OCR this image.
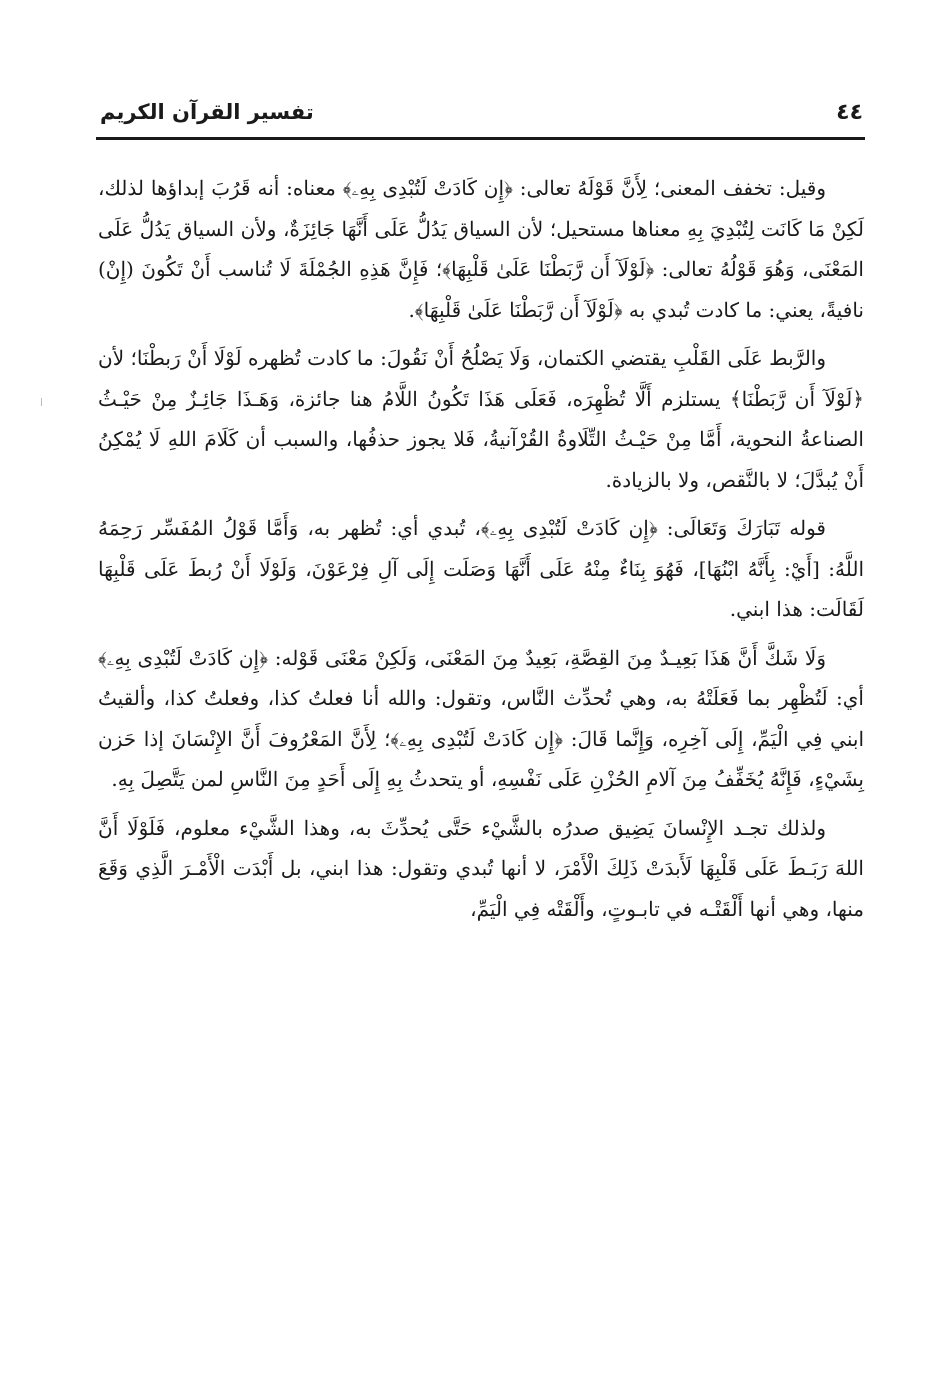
٤٤
تفسير القرآن الكريم

وقيل: تخفف المعنى؛ لِأَنَّ قَوْلَهُ تعالى: ﴿إِن كَادَتْ لَتُبْدِى بِهِۦ﴾ معناه: أنه قَرُبَ إبداؤها لذلك، لَكِنْ مَا كَانَت لِتُبْدِيَ بِهِ معناها مستحيل؛ لأن السياق يَدُلُّ عَلَى أَنَّهَا جَائِزَةٌ، ولأن السياق يَدُلُّ عَلَى المَعْنَى، وَهُوَ قَوْلُهُ تعالى: ﴿لَوْلَآ أَن رَّبَطْنَا عَلَىٰ قَلْبِهَا﴾؛ فَإِنَّ هَذِهِ الجُمْلَةَ لَا تُناسب أَنْ تَكُونَ (إِنْ) نافيةً، يعني: ما كادت تُبدي به ﴿لَوْلَآ أَن رَّبَطْنَا عَلَىٰ قَلْبِهَا﴾.

والرَّبط عَلَى القَلْبِ يقتضي الكتمان، وَلَا يَصْلُحُ أَنْ نَقُولَ: ما كادت تُظهره لَوْلَا أَنْ رَبطْنَا؛ لأن ﴿لَوْلَآ أَن رَّبَطْنَا﴾ يستلزم أَلَّا تُظْهِرَه، فَعَلَى هَذَا تَكُونُ اللَّامُ هنا جائزة، وَهَـذَا جَائِـزٌ مِنْ حَيْـثُ الصناعةُ النحوية، أَمَّا مِنْ حَيْـثُ التِّلَاوةُ القُرْآنيةُ، فَلا يجوز حذفُها، والسبب أن كَلَامَ اللهِ لَا يُمْكِنُ أَنْ يُبدَّلَ؛ لا بالنَّقص، ولا بالزيادة.

قوله تَبَارَكَ وَتَعَالَى: ﴿إِن كَادَتْ لَتُبْدِى بِهِۦ﴾، تُبدي أي: تُظهر به، وَأَمَّا قَوْلُ المُفَسِّر رَحِمَهُ اللَّهُ: [أَيْ: بِأَنَّهُ ابْنُهَا]، فَهُوَ بِنَاءٌ مِنْهُ عَلَى أَنَّهَا وَصَلَت إِلَى آلِ فِرْعَوْنَ، وَلَوْلَا أَنْ رُبطَ عَلَى قَلْبِهَا لَقَالَت: هذا ابني.

وَلَا شَكَّ أَنَّ هَذَا بَعِيـدٌ مِنَ القِصَّةِ، بَعِيدٌ مِنَ المَعْنَى، وَلَكِنْ مَعْنَى قَوْله: ﴿إِن كَادَتْ لَتُبْدِى بِهِۦ﴾ أي: لَتُظْهِر بما فَعَلَتْهُ به، وهي تُحدِّث النَّاس، وتقول: والله أنا فعلتُ كذا، وفعلتُ كذا، وألقيتُ ابني فِي الْيَمِّ، إِلَى آخِرِه، وَإِنَّما قَالَ: ﴿إِن كَادَتْ لَتُبْدِى بِهِۦ﴾؛ لِأَنَّ المَعْرُوفَ أَنَّ الإِنْسَانَ إذا حَزن بِشَيْءٍ، فَإِنَّهُ يُخَفِّفُ مِنَ آلامِ الحُزْنِ عَلَى نَفْسِهِ، أو يتحدثُ بِهِ إِلَى أَحَدٍ مِنَ النَّاسِ لمن يَتَّصِلَ بِهِ.

ولذلك تجـد الإِنْسانَ يَضِيق صدرُه بالشَّيْء حَتَّى يُحدِّثَ به، وهذا الشَّيْء معلوم، فَلَوْلَا أَنَّ اللهَ رَبَـطَ عَلَى قَلْبِهَا لَأَبدَتْ ذَلِكَ الْأَمْرَ، لا أنها تُبدي وتقول: هذا ابني، بل أَبْدَت الْأَمْـرَ الَّذِي وَقَعَ منها، وهي أنها أَلْقَتْـه في تابـوتٍ، وأَلْقَتْه فِي الْيَمِّ،
